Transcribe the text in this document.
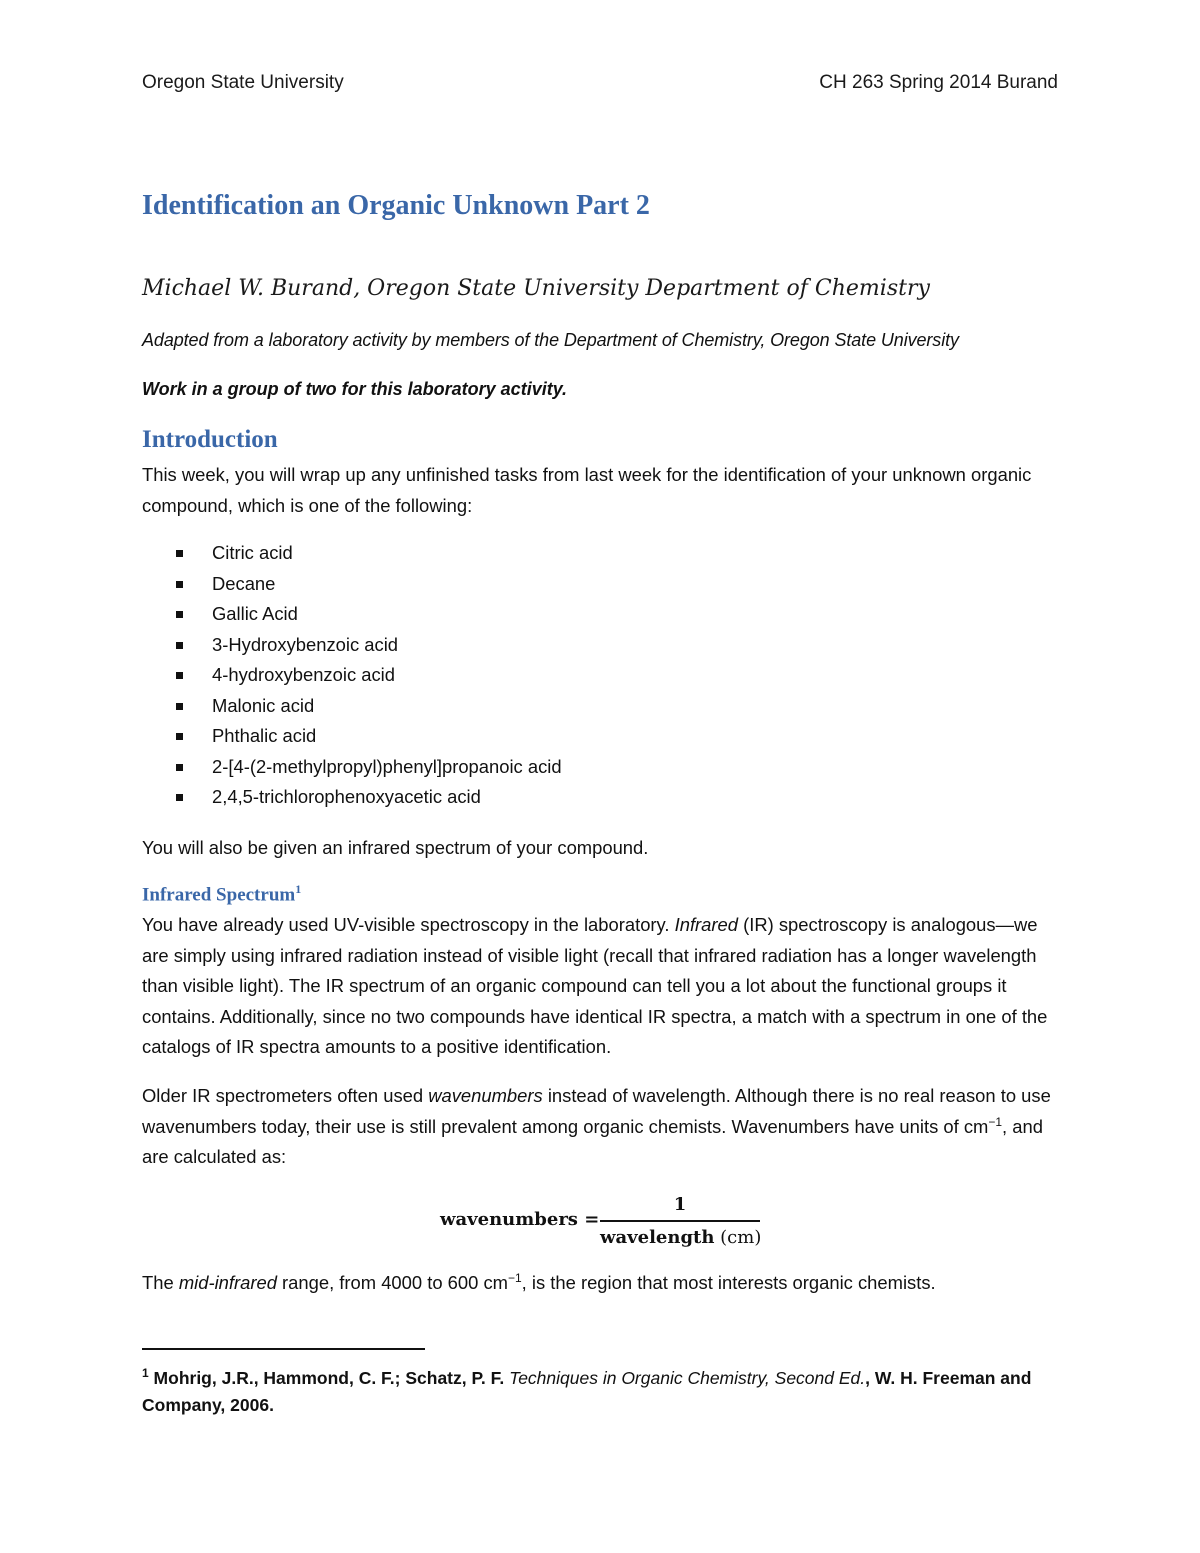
Oregon State University	CH 263 Spring 2014 Burand
Identification an Organic Unknown Part 2

Michael W. Burand, Oregon State University Department of Chemistry

Adapted from a laboratory activity by members of the Department of Chemistry, Oregon State University

Work in a group of two for this laboratory activity.

Introduction

This week, you will wrap up any unfinished tasks from last week for the identification of your unknown organic compound, which is one of the following:

Citric acid
Decane
Gallic Acid
3-Hydroxybenzoic acid
4-hydroxybenzoic acid
Malonic acid
Phthalic acid
2-[4-(2-methylpropyl)phenyl]propanoic acid
2,4,5-trichlorophenoxyacetic acid

You will also be given an infrared spectrum of your compound.

Infrared Spectrum$^1$

You have already used UV-visible spectroscopy in the laboratory. Infrared (IR) spectroscopy is analogous—we are simply using infrared radiation instead of visible light (recall that infrared radiation has a longer wavelength than visible light). The IR spectrum of an organic compound can tell you a lot about the functional groups it contains. Additionally, since no two compounds have identical IR spectra, a match with a spectrum in one of the catalogs of IR spectra amounts to a positive identification.

Older IR spectrometers often used wavenumbers instead of wavelength. Although there is no real reason to use wavenumbers today, their use is still prevalent among organic chemists. Wavenumbers have units of $cm^{-1}$, and are calculated as:

wavenumbers =
1
wavelength (cm)

The mid-infrared range, from 4000 to 600 $cm^{-1}$, is the region that most interests organic chemists.

$^1$ Mohrig, J.R., Hammond, C. F.; Schatz, P. F. Techniques in Organic Chemistry, Second Ed., W. H. Freeman and Company, 2006.
